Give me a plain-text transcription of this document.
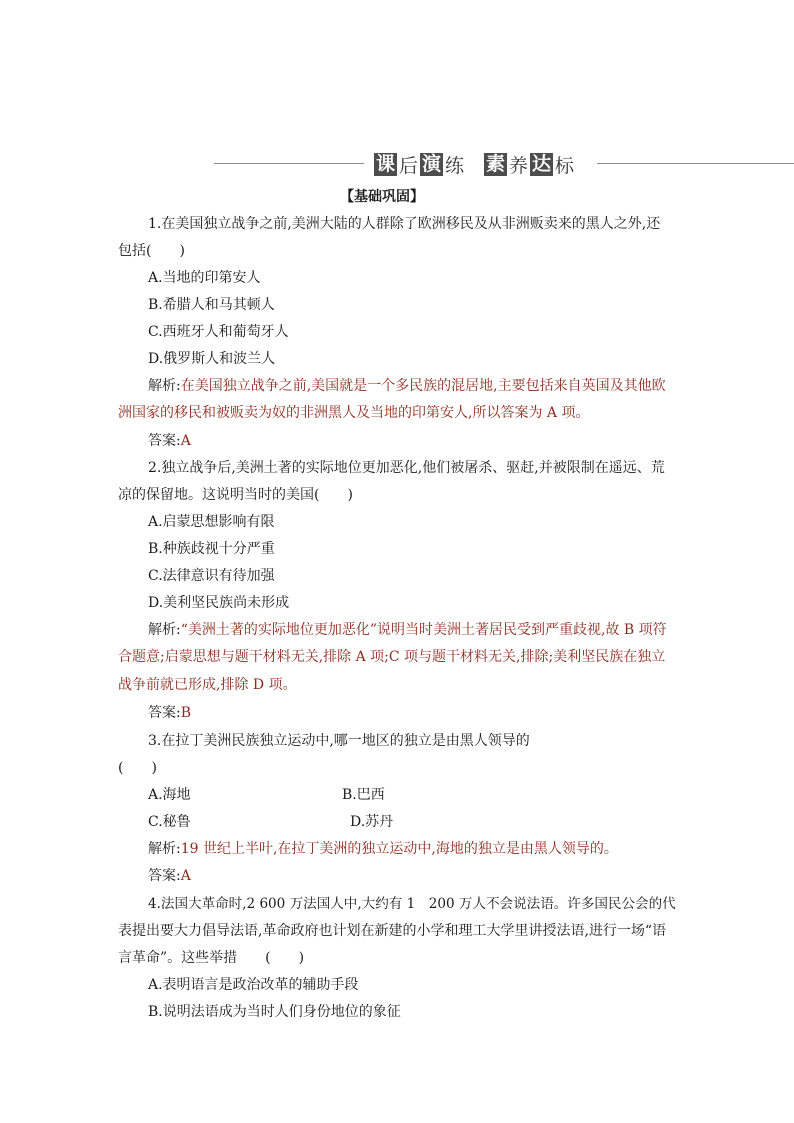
课 后 演 练 素 养 达 标
【基础巩固】
1.在美国独立战争之前,美洲大陆的人群除了欧洲移民及从非洲贩卖来的黑人之外,还
包括(　　)
A.当地的印第安人
B.希腊人和马其顿人
C.西班牙人和葡萄牙人
D.俄罗斯人和波兰人
解析:在美国独立战争之前,美国就是一个多民族的混居地,主要包括来自英国及其他欧
洲国家的移民和被贩卖为奴的非洲黑人及当地的印第安人,所以答案为 A 项。
答案:A
2.独立战争后,美洲土著的实际地位更加恶化,他们被屠杀、驱赶,并被限制在遥远、荒
凉的保留地。这说明当时的美国(　　)
A.启蒙思想影响有限
B.种族歧视十分严重
C.法律意识有待加强
D.美利坚民族尚未形成
解析:“美洲土著的实际地位更加恶化”说明当时美洲土著居民受到严重歧视,故 B 项符
合题意;启蒙思想与题干材料无关,排除 A 项;C 项与题干材料无关,排除;美利坚民族在独立
战争前就已形成,排除 D 项。
答案:B
3.在拉丁美洲民族独立运动中,哪一地区的独立是由黑人领导的
(　　)
A.海地	B.巴西
C.秘鲁	D.苏丹
解析:19 世纪上半叶,在拉丁美洲的独立运动中,海地的独立是由黑人领导的。
答案:A
4.法国大革命时,2 600 万法国人中,大约有 1　200 万人不会说法语。许多国民公会的代
表提出要大力倡导法语,革命政府也计划在新建的小学和理工大学里讲授法语,进行一场“语
言革命”。这些举措　　(　　)
A.表明语言是政治改革的辅助手段
B.说明法语成为当时人们身份地位的象征
